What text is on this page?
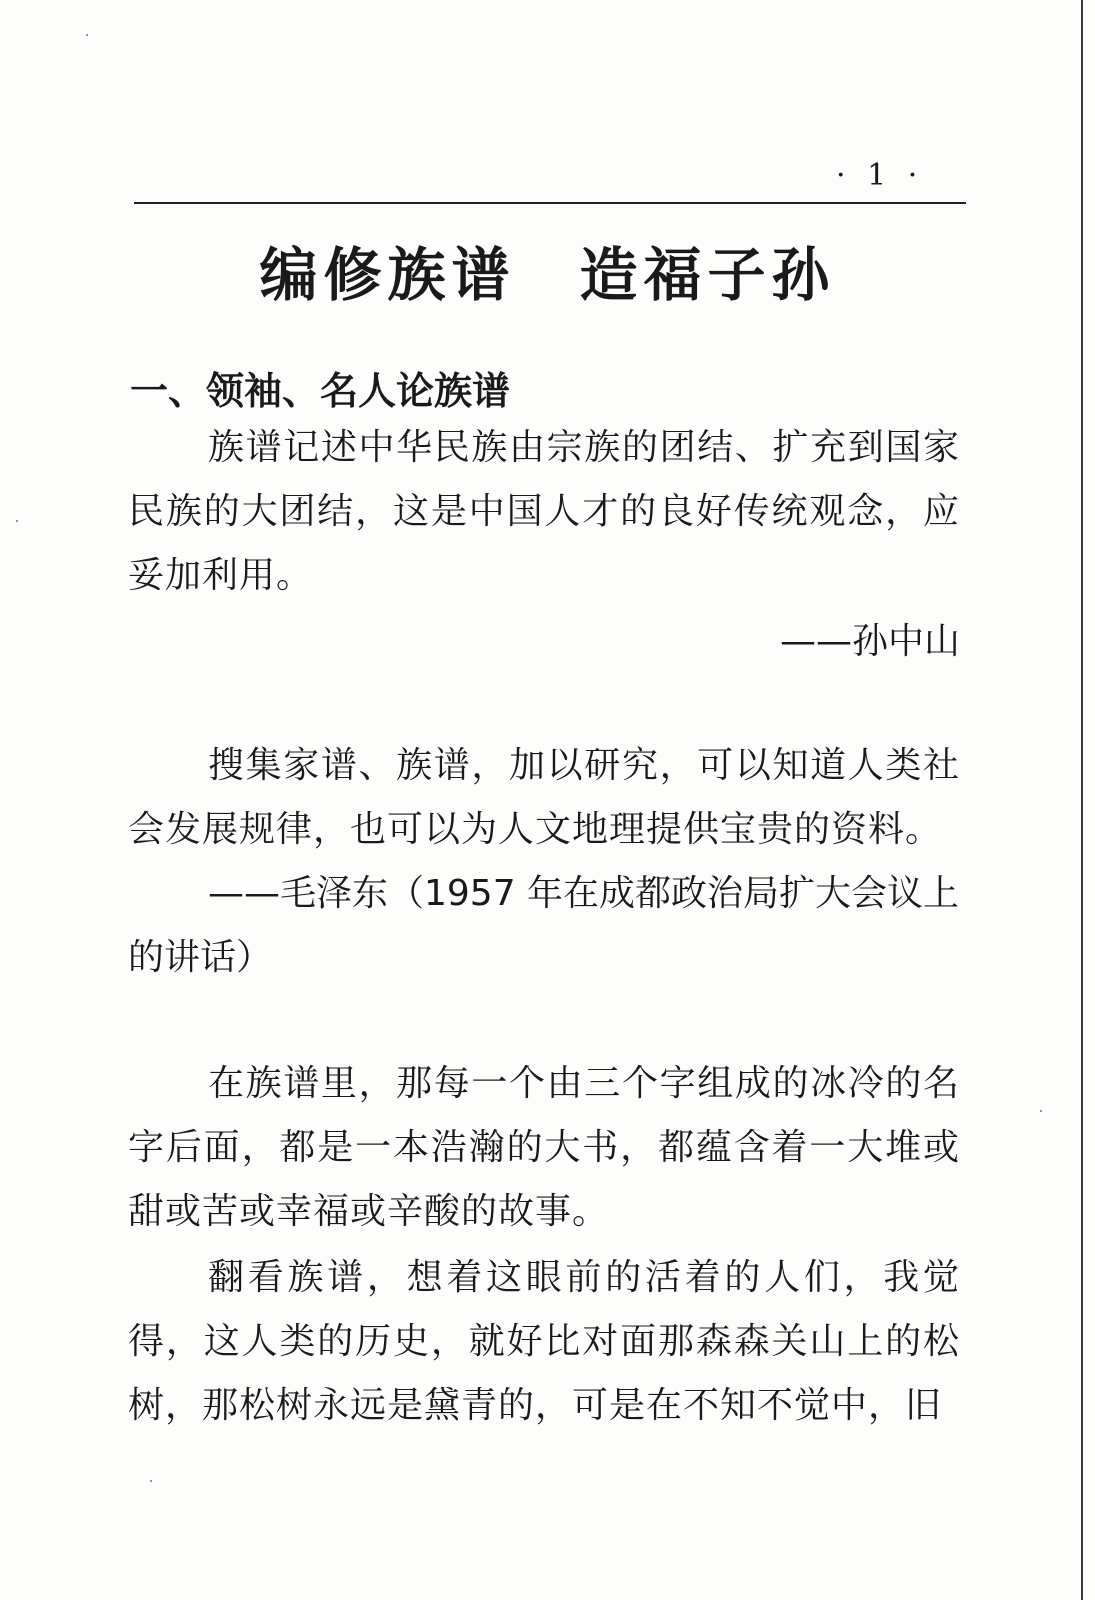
· 1 ·
编修族谱　造福子孙
一、领袖、名人论族谱
族谱记述中华民族由宗族的团结、扩充到国家民族的大团结，这是中国人才的良好传统观念，应妥加利用。
——孙中山
搜集家谱、族谱，加以研究，可以知道人类社会发展规律，也可以为人文地理提供宝贵的资料。
——毛泽东（1957 年在成都政治局扩大会议上的讲话）
在族谱里，那每一个由三个字组成的冰冷的名字后面，都是一本浩瀚的大书，都蕴含着一大堆或甜或苦或幸福或辛酸的故事。
翻看族谱，想着这眼前的活着的人们，我觉得，这人类的历史，就好比对面那森森关山上的松树，那松树永远是黛青的，可是在不知不觉中，旧
